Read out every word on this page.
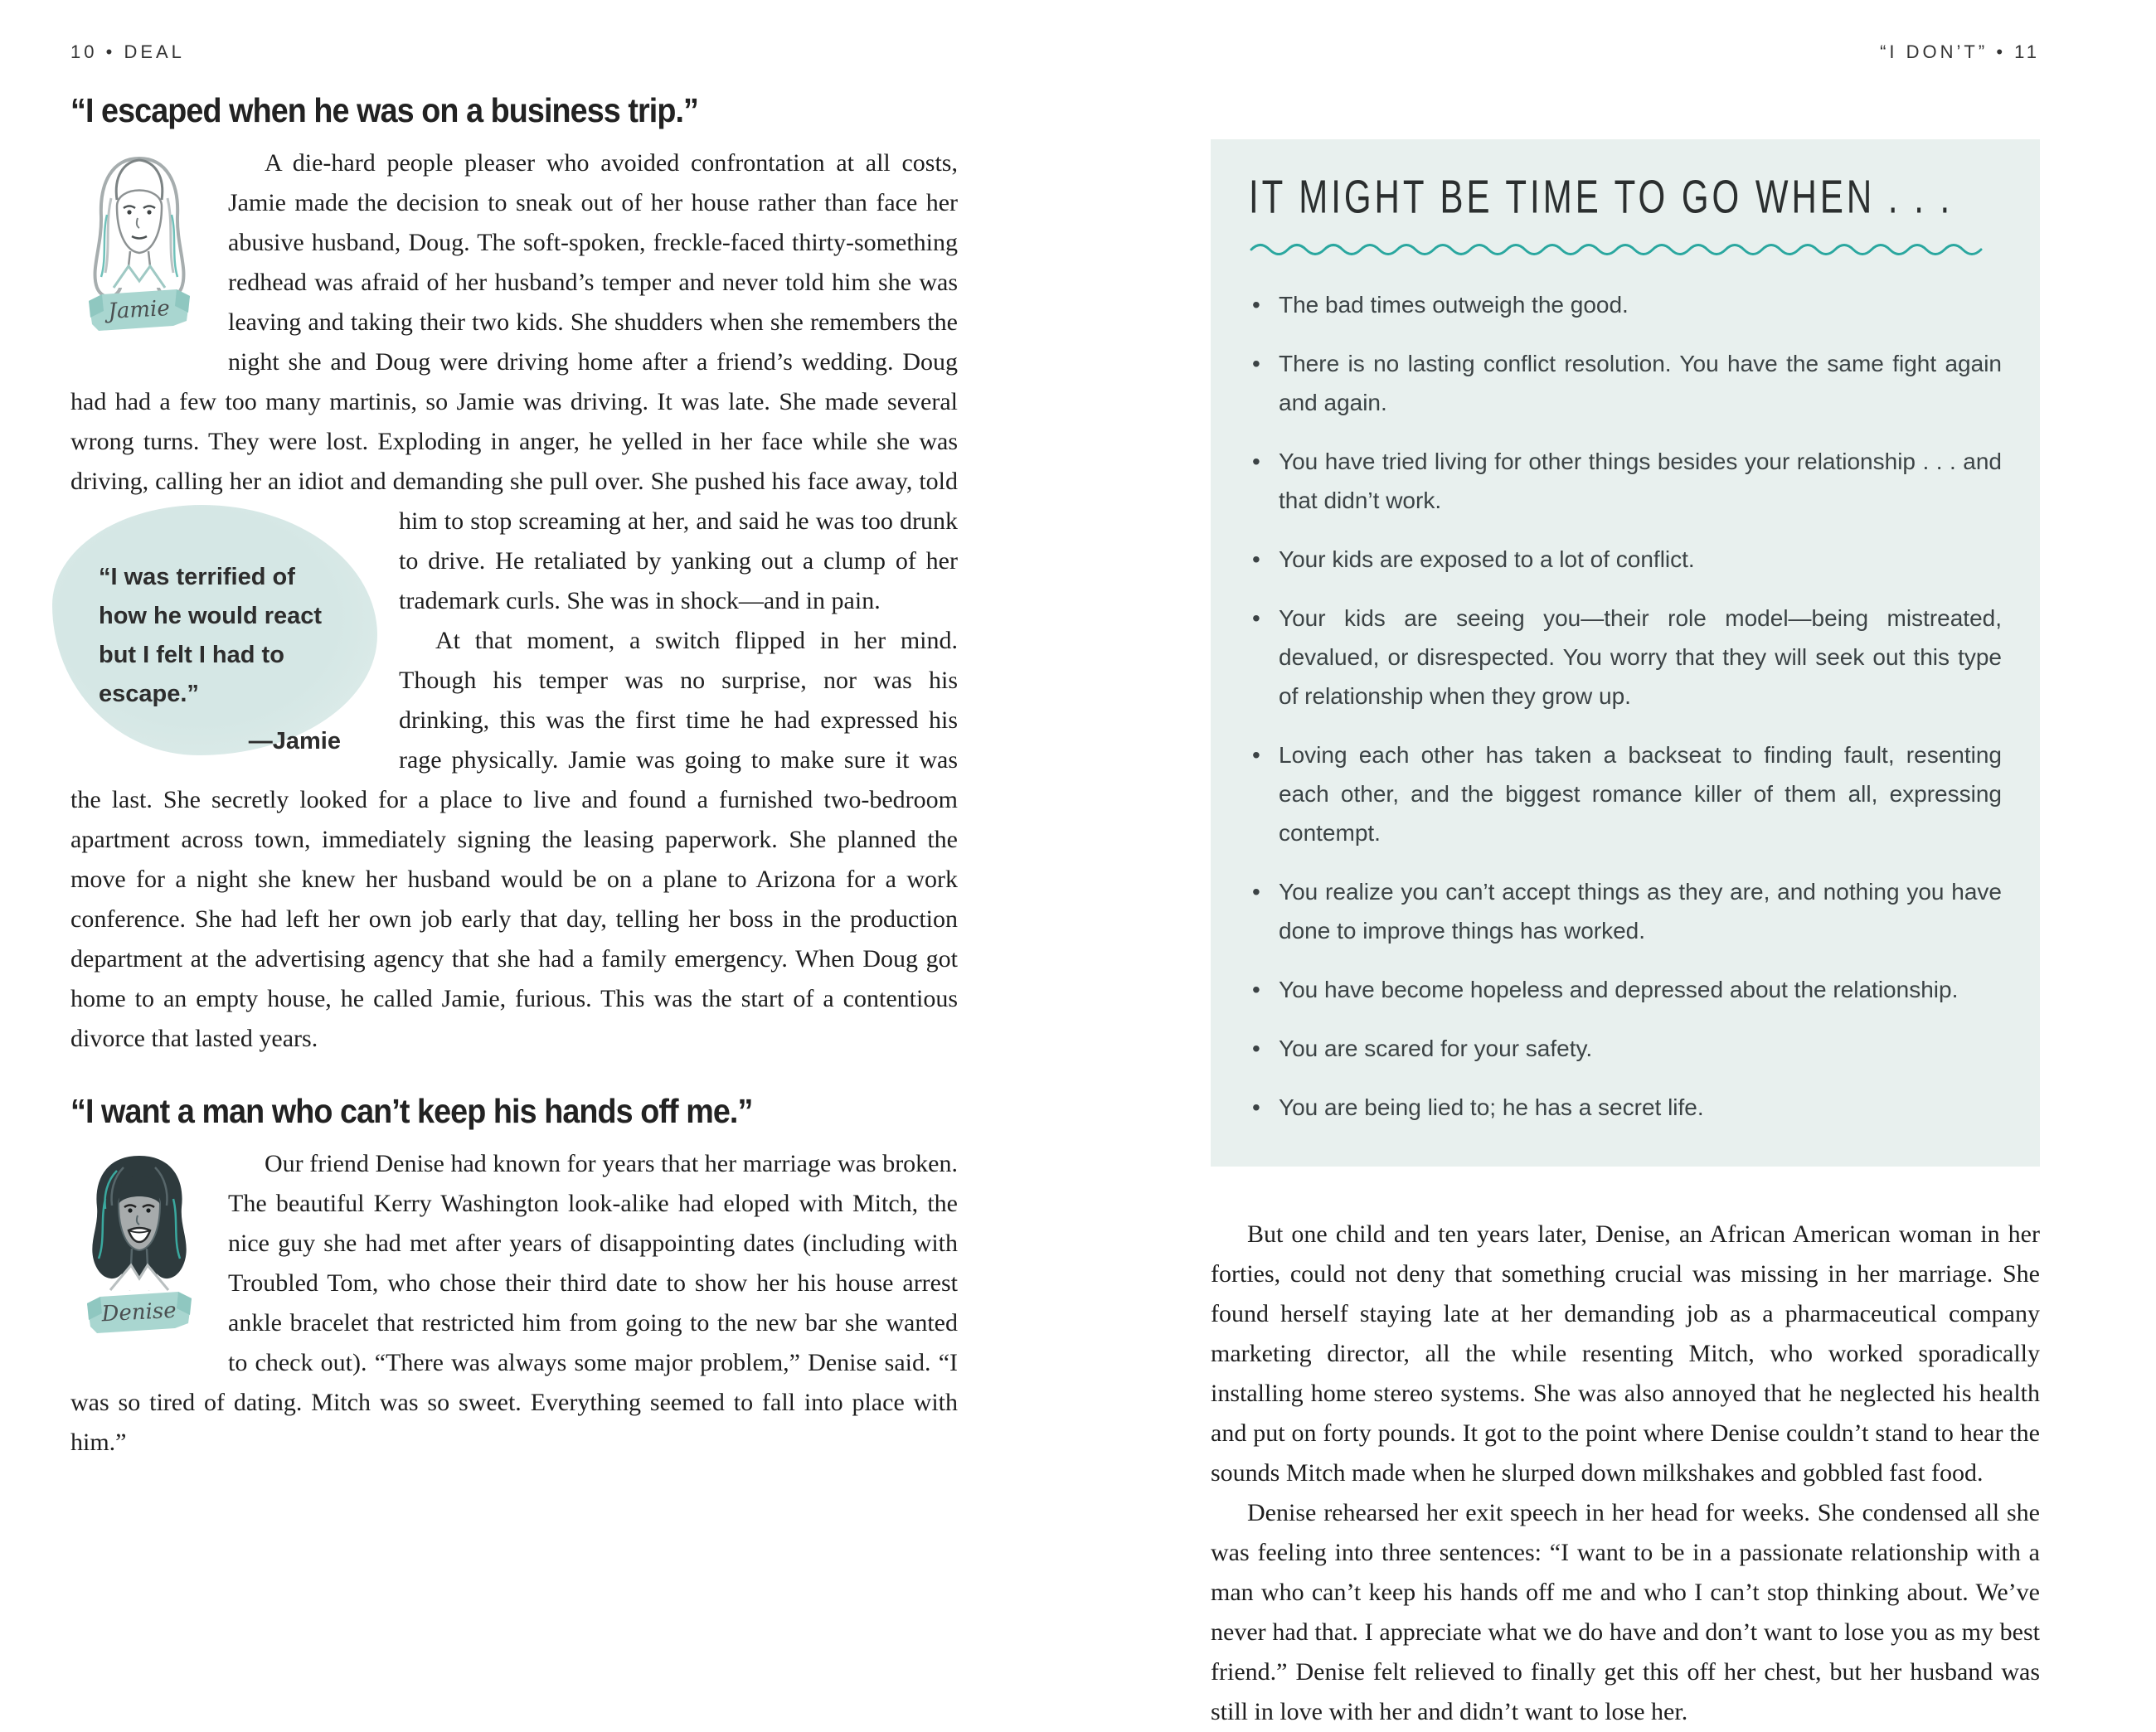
10 • DEAL
“I escaped when he was on a business trip.”

Jamie
A die-hard people pleaser who avoided confrontation at all costs, Jamie made the decision to sneak out of her house rather than face her abusive husband, Doug. The soft-spoken, freckle-faced thirty-something redhead was afraid of her husband’s temper and never told him she was leaving and taking their two kids. She shudders when she remembers the night she and Doug were driving home after a friend’s wedding. Doug had had a few too many martinis, so Jamie was driving. It was late. She made several wrong turns. They were lost. Exploding in anger, he yelled in her face while she was driving, calling her an idiot and demanding she pull over. She
“I was terrified of how he would react but I felt I had to escape.”
—Jamie
pushed his face away, told him to stop screaming at her, and said he was too drunk to drive. He retaliated by yanking out a clump of her trademark curls. She was in shock—and in pain.

At that moment, a switch flipped in her mind. Though his temper was no surprise, nor was his drinking, this was the first time he had expressed his rage physically. Jamie was going to make sure it was the last. She secretly looked for a place to live and found a furnished two-bedroom apartment across town, immediately signing the leasing paperwork. She planned the move for a night she knew her husband would be on a plane to Arizona for a work conference. She had left her own job early that day, telling her boss in the production department at the advertising agency that she had a family emergency. When Doug got home to an empty house, he called Jamie, furious. This was the start of a contentious divorce that lasted years.

“I want a man who can’t keep his hands off me.”

Denise
Our friend Denise had known for years that her marriage was broken. The beautiful Kerry Washington look-alike had eloped with Mitch, the nice guy she had met after years of disappointing dates (including with Troubled Tom, who chose their third date to show her his house arrest ankle bracelet that restricted him from going to the new bar she wanted to check out). “There was always some major problem,” Denise said. “I was so tired of dating. Mitch was so sweet. Everything seemed to fall into place with him.”

“I DON’T” • 11
IT MIGHT BE TIME TO GO WHEN . . .
• The bad times outweigh the good.
• There is no lasting conflict resolution. You have the same fight again and again.
• You have tried living for other things besides your relationship . . . and that didn’t work.
• Your kids are exposed to a lot of conflict.
• Your kids are seeing you—their role model—being mistreated, devalued, or disrespected. You worry that they will seek out this type of relationship when they grow up.
• Loving each other has taken a backseat to finding fault, resenting each other, and the biggest romance killer of them all, expressing contempt.
• You realize you can’t accept things as they are, and nothing you have done to improve things has worked.
• You have become hopeless and depressed about the relationship.
• You are scared for your safety.
• You are being lied to; he has a secret life.

But one child and ten years later, Denise, an African American woman in her forties, could not deny that something crucial was missing in her marriage. She found herself staying late at her demanding job as a pharmaceutical company marketing director, all the while resenting Mitch, who worked sporadically installing home stereo systems. She was also annoyed that he neglected his health and put on forty pounds. It got to the point where Denise couldn’t stand to hear the sounds Mitch made when he slurped down milkshakes and gobbled fast food.

Denise rehearsed her exit speech in her head for weeks. She condensed all she was feeling into three sentences: “I want to be in a passionate relationship with a man who can’t keep his hands off me and who I can’t stop thinking about. We’ve never had that. I appreciate what we do have and don’t want to lose you as my best friend.” Denise felt relieved to finally get this off her chest, but her husband was still in love with her and didn’t want to lose her.
